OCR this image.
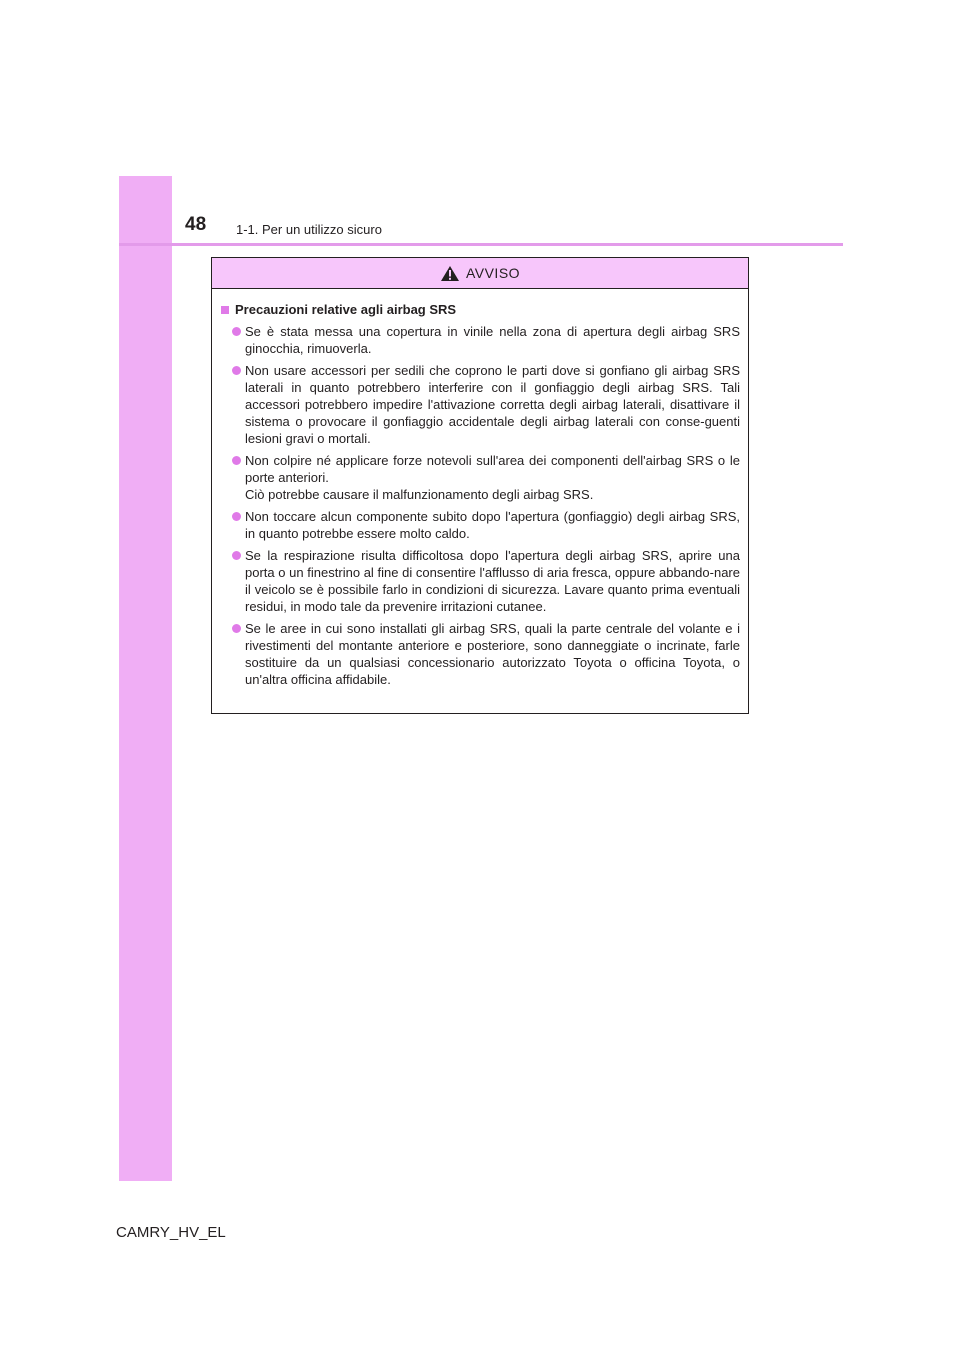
48 1-1. Per un utilizzo sicuro
AVVISO
Precauzioni relative agli airbag SRS
Se è stata messa una copertura in vinile nella zona di apertura degli airbag SRS ginocchia, rimuoverla.
Non usare accessori per sedili che coprono le parti dove si gonfiano gli airbag SRS laterali in quanto potrebbero interferire con il gonfiaggio degli airbag SRS. Tali accessori potrebbero impedire l'attivazione corretta degli airbag laterali, disattivare il sistema o provocare il gonfiaggio accidentale degli airbag laterali con conse-guenti lesioni gravi o mortali.
Non colpire né applicare forze notevoli sull'area dei componenti dell'airbag SRS o le porte anteriori.
Ciò potrebbe causare il malfunzionamento degli airbag SRS.
Non toccare alcun componente subito dopo l'apertura (gonfiaggio) degli airbag SRS, in quanto potrebbe essere molto caldo.
Se la respirazione risulta difficoltosa dopo l'apertura degli airbag SRS, aprire una porta o un finestrino al fine di consentire l'afflusso di aria fresca, oppure abbando-nare il veicolo se è possibile farlo in condizioni di sicurezza. Lavare quanto prima eventuali residui, in modo tale da prevenire irritazioni cutanee.
Se le aree in cui sono installati gli airbag SRS, quali la parte centrale del volante e i rivestimenti del montante anteriore e posteriore, sono danneggiate o incrinate, farle sostituire da un qualsiasi concessionario autorizzato Toyota o officina Toyota, o un'altra officina affidabile.
CAMRY_HV_EL
